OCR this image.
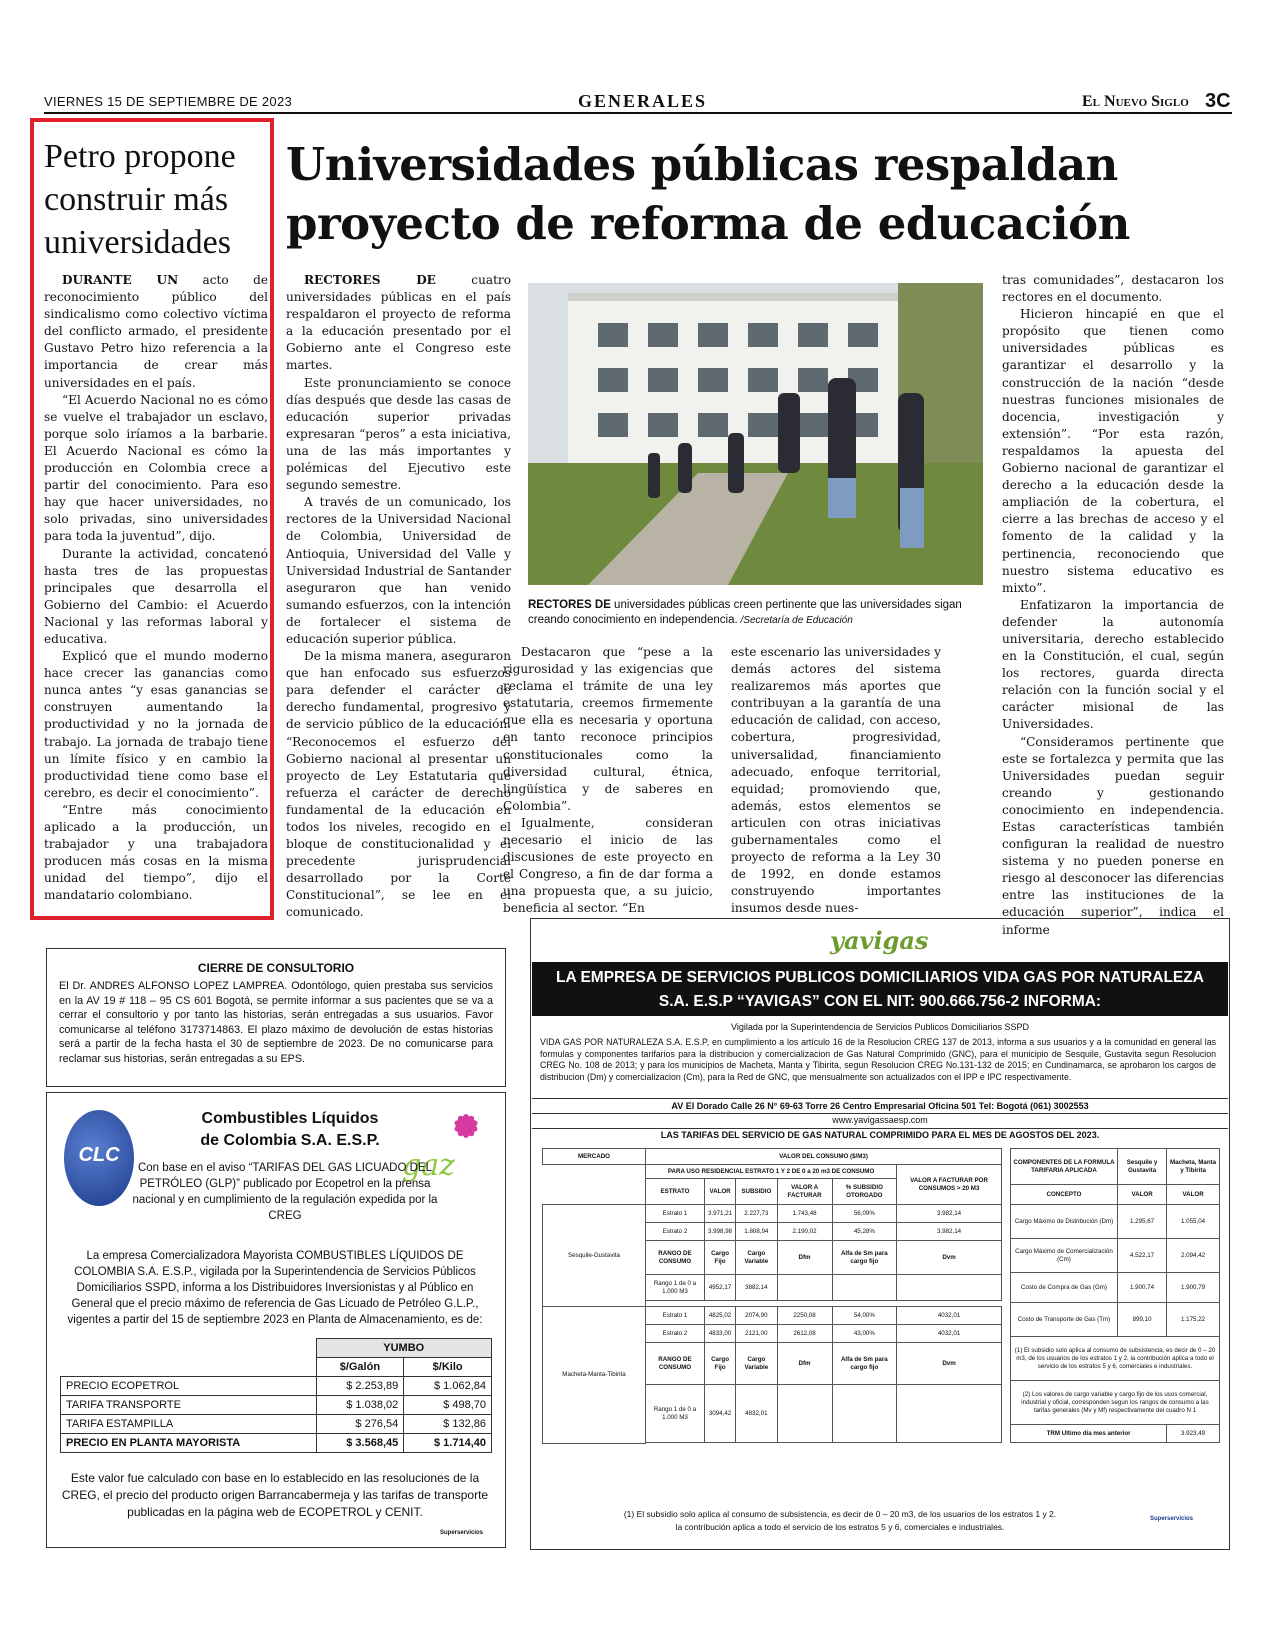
VIERNES 15 DE SEPTIEMBRE DE 2023	GENERALES	El Nuevo Siglo 3C
Petro propone construir más universidades

DURANTE UN acto de reconocimiento público del sindicalismo como colectivo víctima del conflicto armado, el presidente Gustavo Petro hizo referencia a la importancia de crear más universidades en el país.

“El Acuerdo Nacional no es cómo se vuelve el trabajador un esclavo, porque solo iríamos a la barbarie. El Acuerdo Nacional es cómo la producción en Colombia crece a partir del conocimiento. Para eso hay que hacer universidades, no solo privadas, sino universidades para toda la juventud”, dijo.

Durante la actividad, concatenó hasta tres de las propuestas principales que desarrolla el Gobierno del Cambio: el Acuerdo Nacional y las reformas laboral y educativa.

Explicó que el mundo moderno hace crecer las ganancias como nunca antes “y esas ganancias se construyen aumentando la productividad y no la jornada de trabajo. La jornada de trabajo tiene un límite físico y en cambio la productividad tiene como base el cerebro, es decir el conocimiento”.

“Entre más conocimiento aplicado a la producción, un trabajador y una trabajadora producen más cosas en la misma unidad del tiempo”, dijo el mandatario colombiano.

Universidades públicas respaldan proyecto de reforma de educación

RECTORES DE cuatro universidades públicas en el país respaldaron el proyecto de reforma a la educación presentado por el Gobierno ante el Congreso este martes.

Este pronunciamiento se conoce días después que desde las casas de educación superior privadas expresaran “peros” a esta iniciativa, una de las más importantes y polémicas del Ejecutivo este segundo semestre.

A través de un comunicado, los rectores de la Universidad Nacional de Colombia, Universidad de Antioquia, Universidad del Valle y Universidad Industrial de Santander aseguraron que han venido sumando esfuerzos, con la intención de fortalecer el sistema de educación superior pública.

De la misma manera, aseguraron que han enfocado sus esfuerzos para defender el carácter de derecho fundamental, progresivo y de servicio público de la educación. “Reconocemos el esfuerzo del Gobierno nacional al presentar un proyecto de Ley Estatutaria que refuerza el carácter de derecho fundamental de la educación en todos los niveles, recogido en el bloque de constitucionalidad y el precedente jurisprudencial desarrollado por la Corte Constitucional”, se lee en el comunicado.

RECTORES DE universidades públicas creen pertinente que las universidades sigan creando conocimiento en independencia. /Secretaría de Educación

Destacaron que “pese a la rigurosidad y las exigencias que reclama el trámite de una ley estatutaria, creemos firmemente que ella es necesaria y oportuna en tanto reconoce principios constitucionales como la diversidad cultural, étnica, lingüística y de saberes en Colombia”.

Igualmente, consideran necesario el inicio de las discusiones de este proyecto en el Congreso, a fin de dar forma a una propuesta que, a su juicio, beneficia al sector. “En

este escenario las universidades y demás actores del sistema realizaremos más aportes que contribuyan a la garantía de una educación de calidad, con acceso, cobertura, progresividad, universalidad, financiamiento adecuado, enfoque territorial, equidad; promoviendo que, además, estos elementos se articulen con otras iniciativas gubernamentales como el proyecto de reforma a la Ley 30 de 1992, en donde estamos construyendo importantes insumos desde nues-

tras comunidades”, destacaron los rectores en el documento.

Hicieron hincapié en que el propósito que tienen como universidades públicas es garantizar el desarrollo y la construcción de la nación “desde nuestras funciones misionales de docencia, investigación y extensión”. “Por esta razón, respaldamos la apuesta del Gobierno nacional de garantizar el derecho a la educación desde la ampliación de la cobertura, el cierre a las brechas de acceso y el fomento de la calidad y la pertinencia, reconociendo que nuestro sistema educativo es mixto”.

Enfatizaron la importancia de defender la autonomía universitaria, derecho establecido en la Constitución, el cual, según los rectores, guarda directa relación con la función social y el carácter misional de las Universidades.

“Consideramos pertinente que este se fortalezca y permita que las Universidades puedan seguir creando y gestionando conocimiento en independencia. Estas características también configuran la realidad de nuestro sistema y no pueden ponerse en riesgo al desconocer las diferencias entre las instituciones de la educación superior”, indica el informe

CIERRE DE CONSULTORIO
El Dr. ANDRES ALFONSO LOPEZ LAMPREA. Odontólogo, quien prestaba sus servicios en la AV 19 # 118 – 95 CS 601 Bogotá, se permite informar a sus pacientes que se va a cerrar el consultorio y por tanto las historias, serán entregadas a sus usuarios. Favor comunicarse al teléfono 3173714863. El plazo máximo de devolución de estas historias será a partir de la fecha hasta el 30 de septiembre de 2023. De no comunicarse para reclamar sus historias, serán entregadas a su EPS.
CLC
Combustibles Líquidos
de Colombia S.A. E.S.P.
gaz
Con base en el aviso “TARIFAS DEL GAS LICUADO DEL PETRÓLEO (GLP)” publicado por Ecopetrol en la prensa nacional y en cumplimiento de la regulación expedida por la CREG
La empresa Comercializadora Mayorista COMBUSTIBLES LÍQUIDOS DE COLOMBIA S.A. E.S.P., vigilada por la Superintendencia de Servicios Públicos Domiciliarios SSPD, informa a los Distribuidores Inversionistas y al Público en General que el precio máximo de referencia de Gas Licuado de Petróleo G.L.P., vigentes a partir del 15 de septiembre 2023 en Planta de Almacenamiento, es de:
	YUMBO	
	$/Galón	$/Kilo
PRECIO ECOPETROL	$ 2.253,89	$ 1.062,84
TARIFA TRANSPORTE	$ 1.038,02	$ 498,70
TARIFA ESTAMPILLA	$ 276,54	$ 132,86
PRECIO EN PLANTA MAYORISTA	$ 3.568,45	$ 1.714,40
Este valor fue calculado con base en lo establecido en las resoluciones de la CREG, el precio del producto origen Barrancabermeja y las tarifas de transporte publicadas en la página web de ECOPETROL y CENIT.
Superservicios
yavigas
LA EMPRESA DE SERVICIOS PUBLICOS DOMICILIARIOS VIDA GAS POR NATURALEZA
S.A. E.S.P “YAVIGAS” CON EL NIT: 900.666.756-2 INFORMA:
Vigilada por la Superintendencia de Servicios Publicos Domiciliarios SSPD
VIDA GAS POR NATURALEZA S.A. E.S.P, en cumplimiento a los artículo 16 de la Resolucion CREG 137 de 2013, informa a sus usuarios y a la comunidad en general las formulas y componentes tarifarios para la distribucion y comercializacion de Gas Natural Comprimido (GNC), para el municipio de Sesquile, Gustavita segun Resolucion CREG No. 108 de 2013; y para los municipios de Macheta, Manta y Tibirita, segun Resolucion CREG No.131-132 de 2015; en Cundinamarca, se aprobaron los cargos de distribucion (Dm) y comercializacion (Cm), para la Red de GNC, que mensualmente son actualizados con el IPP e IPC respectivamente.
AV El Dorado Calle 26 N° 69-63 Torre 26 Centro Empresarial Oficina 501 Tel: Bogotá (061) 3002553
www.yavigassaesp.com
LAS TARIFAS DEL SERVICIO DE GAS NATURAL COMPRIMIDO PARA EL MES DE AGOSTOS DEL 2023.
MERCADO	VALOR DEL CONSUMO ($/M3)					
	PARA USO RESIDENCIAL ESTRATO 1 Y 2 DE 0 a 20 m3 DE CONSUMO					VALOR A FACTURAR POR CONSUMOS > 20 M3
	ESTRATO	VALOR	SUBSIDIO	VALOR A FACTURAR	% SUBSIDIO OTORGADO	
Sesquile-Gustavita	Estrato 1	3.971,21	2.227,73	1.743,48	56,09%	3.982,14
	Estrato 2	3.998,98	1.808,94	2.190,02	45,28%	3.982,14
	RANGO DE CONSUMO	Cargo Fijo	Cargo Variable	Dfm	Alfa de Sm para cargo fijo	Dvm
	Rango 1 de 0 a 1.000 M3	4952,17	3882,14			

Macheta-Manta-Tibirita	Estrato 1	4825,02	2074,90	2250,08	54,00%	4032,01
	Estrato 2	4833,00	2121,00	2612,08	43,00%	4032,01
	RANGO DE CONSUMO	Cargo Fijo	Cargo Variable	Dfm	Alfa de Sm para cargo fijo	Dvm
	Rango 1 de 0 a 1.000 M3	3094,42	4832,01			

COMPONENTES DE LA FORMULA TARIFARIA APLICADA	Sesquile y Gustavita	Macheta, Manta y Tibirita
CONCEPTO	VALOR	VALOR
Cargo Máximo de Distribución (Dm)	1.295,67	1.055,04
Cargo Máximo de Comercialización (Cm)	4.522,17	2.094,42
Costo de Compra de Gas (Gm)	1.900,74	1.900,79
Costo de Transporte de Gas (Tm)	899,10	1.175,22
(1) El subsidio solo aplica al consumo de subsistencia, es decir de 0 – 20 m3, de los usuarios de los estratos 1 y 2. la contribución aplica a todo el servicio de los estratos 5 y 6, comerciales e industriales.		
(2) Los valores de cargo variable y cargo fijo de los usos comercial, industrial y oficial, corresponden segun los rangos de consumo a las tarifas generales (Mv y Mf) respectivamente del cuadro N 1		
TRM Ultimo dia mes anterior		3.923,49
(1) El subsidio solo aplica al consumo de subsistencia, es decir de 0 – 20 m3, de los usuarios de los estratos 1 y 2.
la contribución aplica a todo el servicio de los estratos 5 y 6, comerciales e industriales.
Superservicios
